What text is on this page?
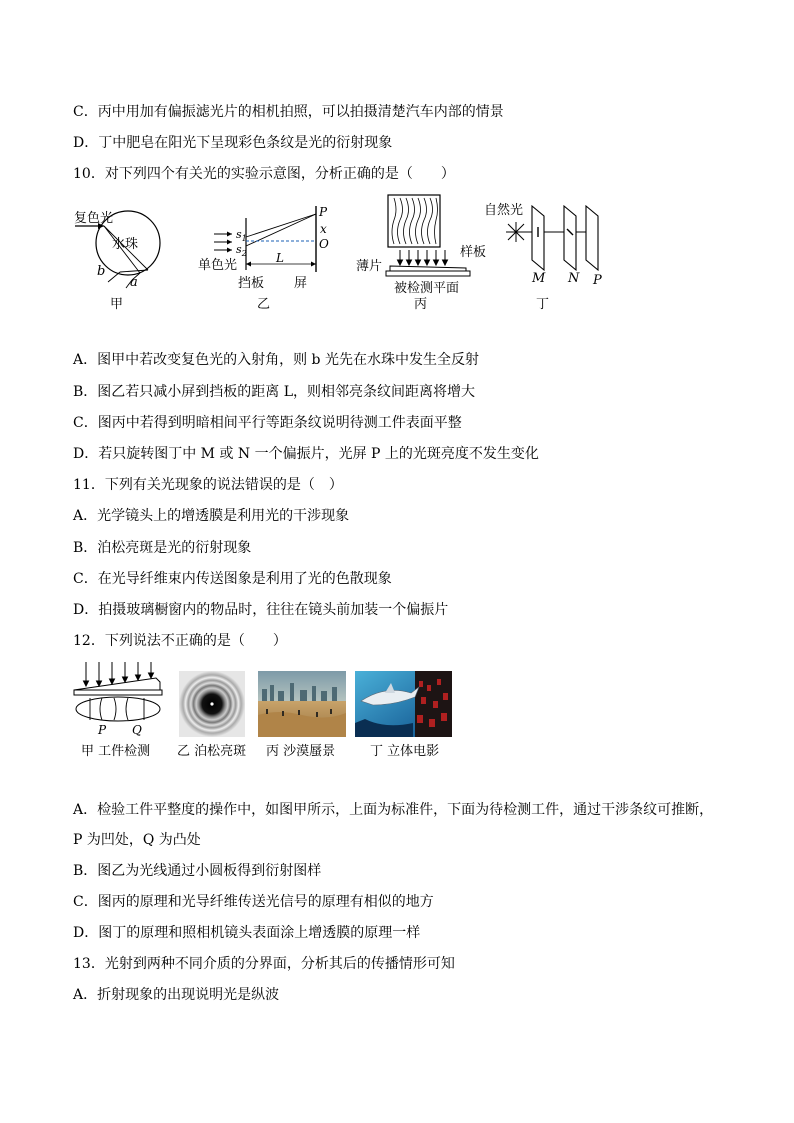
C．丙中用加有偏振滤光片的相机拍照，可以拍摄清楚汽车内部的情景
D．丁中肥皂在阳光下呈现彩色条纹是光的衍射现象
10．对下列四个有关光的实验示意图，分析正确的是（　　）
复色光
水珠
b
a
甲
$s_1$
$s_2$
单色光	L
P
x
O
挡板 屏
乙
薄片
样板
被检测平面
丙
自然光
M N P
丁
A．图甲中若改变复色光的入射角，则 b 光先在水珠中发生全反射
B．图乙若只减小屏到挡板的距离 L，则相邻亮条纹间距离将增大
C．图丙中若得到明暗相间平行等距条纹说明待测工件表面平整
D．若只旋转图丁中 M 或 N 一个偏振片，光屏 P 上的光斑亮度不发生变化
11．下列有关光现象的说法错误的是（　）
A．光学镜头上的增透膜是利用光的干涉现象
B．泊松亮斑是光的衍射现象
C．在光导纤维束内传送图象是利用了光的色散现象
D．拍摄玻璃橱窗内的物品时，往往在镜头前加装一个偏振片
12．下列说法不正确的是（　　）
P Q
甲 工件检测 乙 泊松亮斑 丙 沙漠蜃景	丁 立体电影
A．检验工件平整度的操作中，如图甲所示，上面为标准件，下面为待检测工件，通过干涉条纹可推断，
P 为凹处，Q 为凸处
B．图乙为光线通过小圆板得到衍射图样
C．图丙的原理和光导纤维传送光信号的原理有相似的地方
D．图丁的原理和照相机镜头表面涂上增透膜的原理一样
13．光射到两种不同介质的分界面，分析其后的传播情形可知
A．折射现象的出现说明光是纵波
